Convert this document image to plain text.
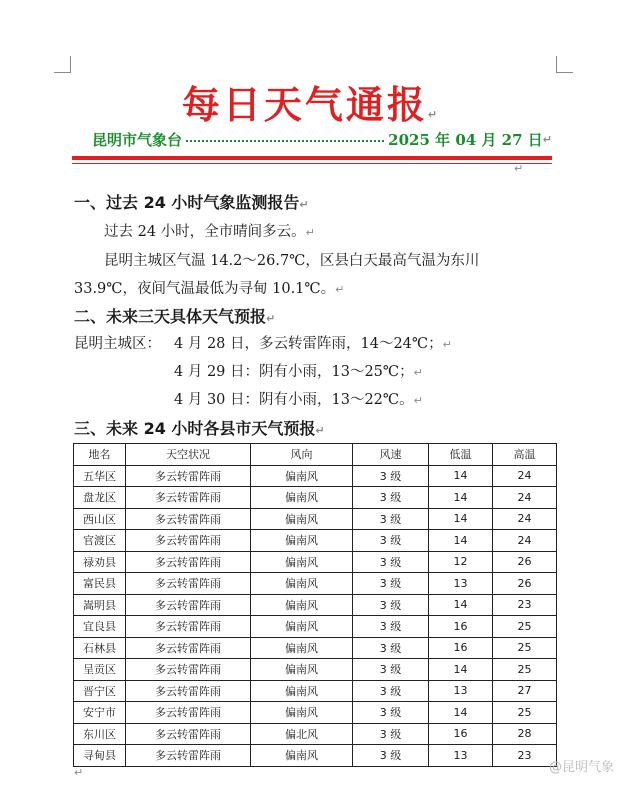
每日天气通报↵
昆明市气象台	2025 年 04 月 27 日 ↵
↵
一、过去 24 小时气象监测报告↵
过去 24 小时，全市晴间多云。↵
昆明主城区气温 14.2～26.7℃，区县白天最高气温为东川
33.9℃，夜间气温最低为寻甸 10.1℃。↵
二、未来三天具体天气预报↵
昆明主城区： 4 月 28 日，多云转雷阵雨，14～24℃；↵
4 月 29 日：阴有小雨，13～25℃；↵
4 月 30 日：阴有小雨，13～22℃。↵
三、未来 24 小时各县市天气预报↵
地名	天空状况	风向	风速	低温	高温
五华区	多云转雷阵雨	偏南风	3 级	14	24
盘龙区	多云转雷阵雨	偏南风	3 级	14	24
西山区	多云转雷阵雨	偏南风	3 级	14	24
官渡区	多云转雷阵雨	偏南风	3 级	14	24
禄劝县	多云转雷阵雨	偏南风	3 级	12	26
富民县	多云转雷阵雨	偏南风	3 级	13	26
嵩明县	多云转雷阵雨	偏南风	3 级	14	23
宜良县	多云转雷阵雨	偏南风	3 级	16	25
石林县	多云转雷阵雨	偏南风	3 级	16	25
呈贡区	多云转雷阵雨	偏南风	3 级	14	25
晋宁区	多云转雷阵雨	偏南风	3 级	13	27
安宁市	多云转雷阵雨	偏南风	3 级	14	25
东川区	多云转雷阵雨	偏北风	3 级	16	28
寻甸县	多云转雷阵雨	偏南风	3 级	13	23
↵	@昆明气象
